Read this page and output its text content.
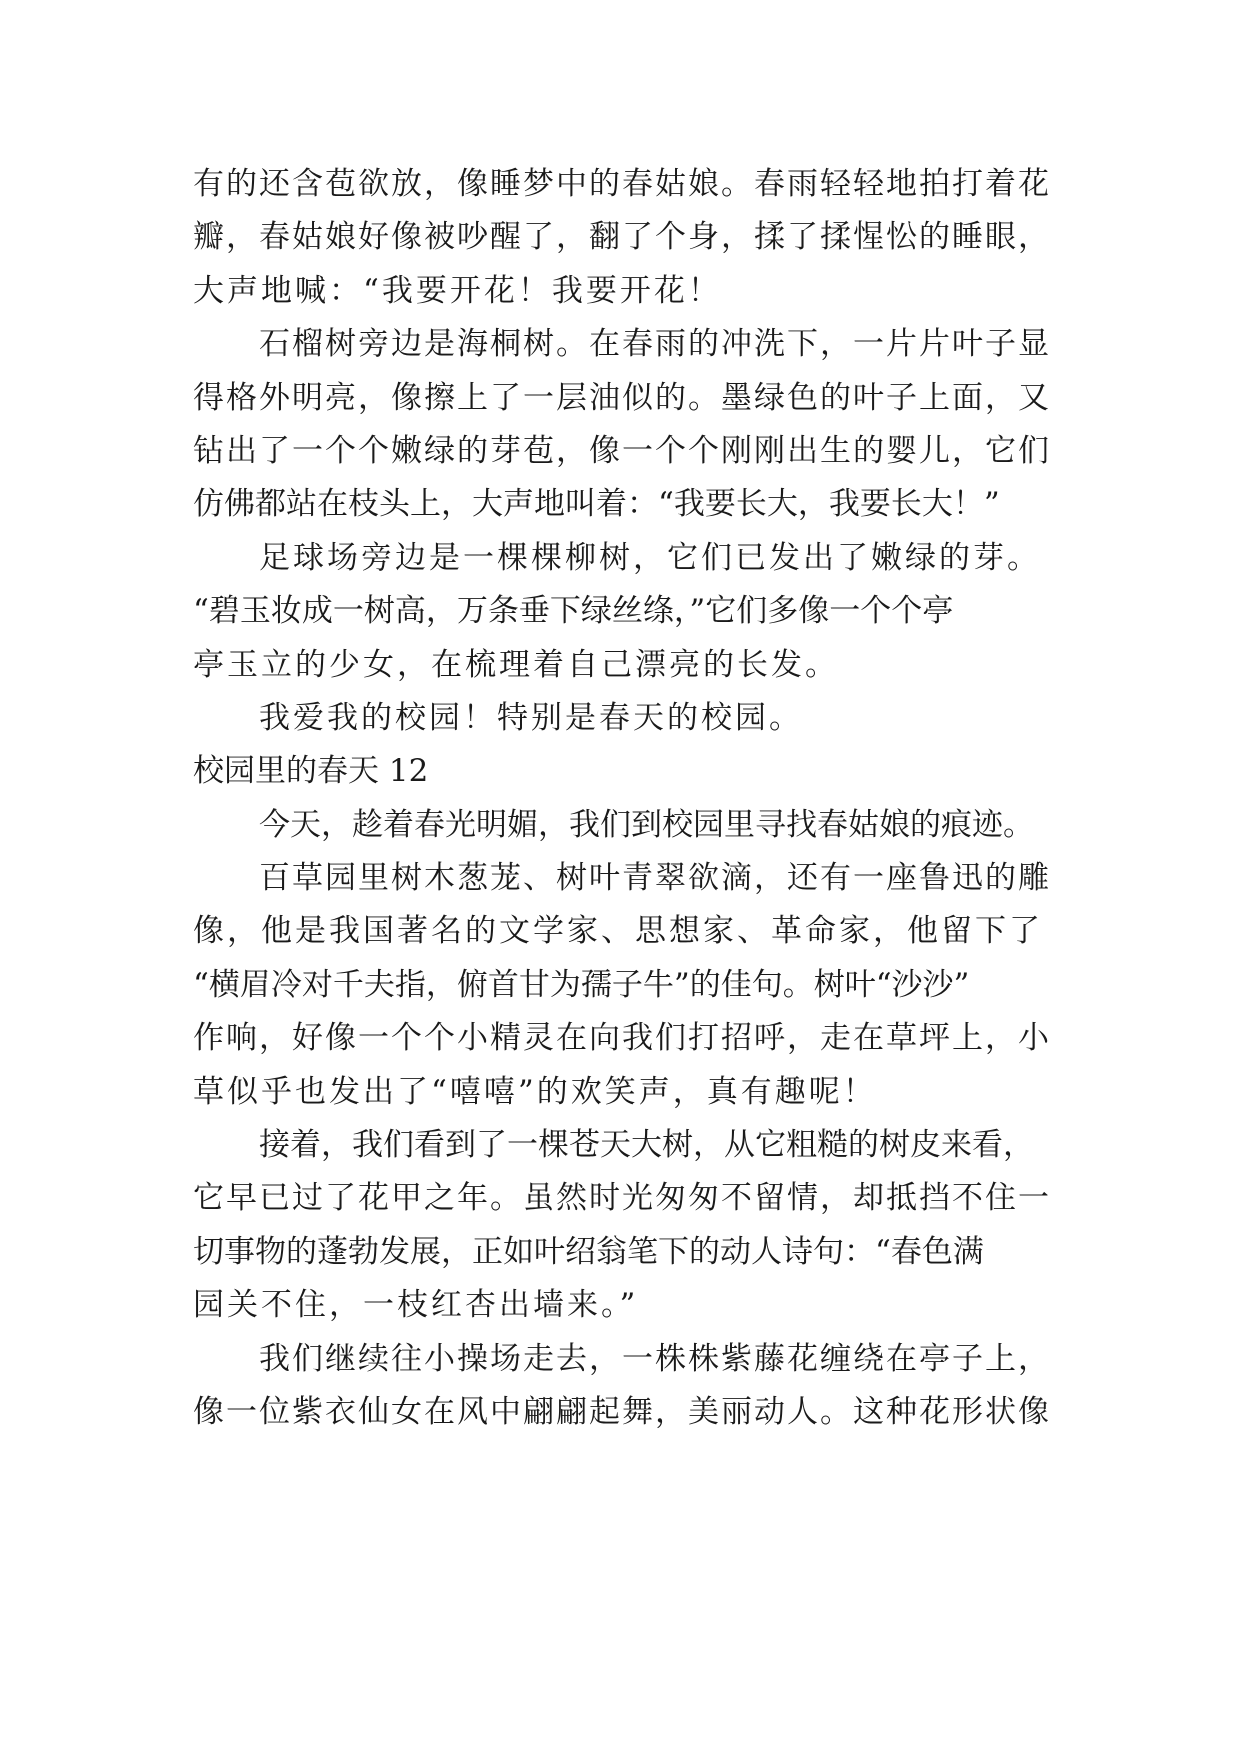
有的还含苞欲放，像睡梦中的春姑娘。春雨轻轻地拍打着花
瓣，春姑娘好像被吵醒了，翻了个身，揉了揉惺忪的睡眼，
大声地喊：“我要开花！我要开花！
石榴树旁边是海桐树。在春雨的冲洗下，一片片叶子显
得格外明亮，像擦上了一层油似的。墨绿色的叶子上面，又
钻出了一个个嫩绿的芽苞，像一个个刚刚出生的婴儿，它们
仿佛都站在枝头上，大声地叫着：“我要长大，我要长大！”
足球场旁边是一棵棵柳树，它们已发出了嫩绿的芽。
“碧玉妆成一树高，万条垂下绿丝绦，”它们多像一个个亭
亭玉立的少女，在梳理着自己漂亮的长发。
我爱我的校园！特别是春天的校园。
校园里的春天 12
今天，趁着春光明媚，我们到校园里寻找春姑娘的痕迹。
百草园里树木葱茏、树叶青翠欲滴，还有一座鲁迅的雕
像，他是我国著名的文学家、思想家、革命家，他留下了
“横眉冷对千夫指，俯首甘为孺子牛”的佳句。树叶“沙沙”
作响，好像一个个小精灵在向我们打招呼，走在草坪上，小
草似乎也发出了“嘻嘻”的欢笑声，真有趣呢！
接着，我们看到了一棵苍天大树，从它粗糙的树皮来看，
它早已过了花甲之年。虽然时光匆匆不留情，却抵挡不住一
切事物的蓬勃发展，正如叶绍翁笔下的动人诗句：“春色满
园关不住，一枝红杏出墙来。”
我们继续往小操场走去，一株株紫藤花缠绕在亭子上，
像一位紫衣仙女在风中翩翩起舞，美丽动人。这种花形状像
